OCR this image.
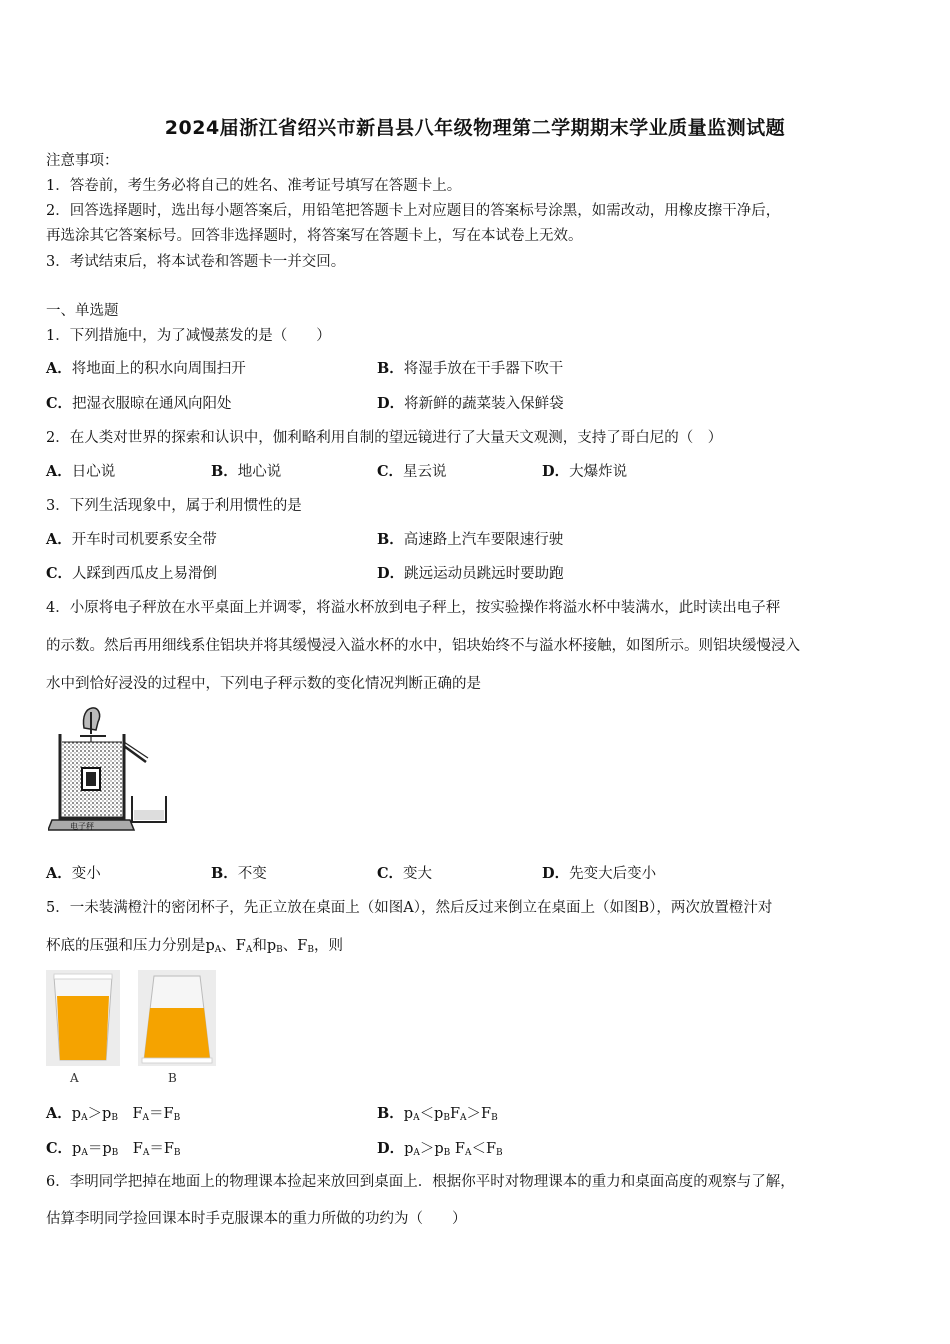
2024届浙江省绍兴市新昌县八年级物理第二学期期末学业质量监测试题
注意事项：
1．答卷前，考生务必将自己的姓名、准考证号填写在答题卡上。
2．回答选择题时，选出每小题答案后，用铅笔把答题卡上对应题目的答案标号涂黑，如需改动，用橡皮擦干净后，
再选涂其它答案标号。回答非选择题时，将答案写在答题卡上，写在本试卷上无效。
3．考试结束后，将本试卷和答题卡一并交回。
一、单选题
1．下列措施中，为了减慢蒸发的是（　　）
A．将地面上的积水向周围扫开	B．将湿手放在干手器下吹干
C．把湿衣服晾在通风向阳处	D．将新鲜的蔬菜装入保鲜袋
2．在人类对世界的探索和认识中，伽利略利用自制的望远镜进行了大量天文观测，支持了哥白尼的（　）
A．日心说	B．地心说	C．星云说	D．大爆炸说
3．下列生活现象中，属于利用惯性的是
A．开车时司机要系安全带	B．高速路上汽车要限速行驶
C．人踩到西瓜皮上易滑倒	D．跳远运动员跳远时要助跑
4．小原将电子秤放在水平桌面上并调零，将溢水杯放到电子秤上，按实验操作将溢水杯中装满水，此时读出电子秤
的示数。然后再用细线系住铝块并将其缓慢浸入溢水杯的水中，铝块始终不与溢水杯接触，如图所示。则铝块缓慢浸入
水中到恰好浸没的过程中，下列电子秤示数的变化情况判断正确的是
电子秤
A．变小	B．不变	C．变大	D．先变大后变小
5．一未装满橙汁的密闭杯子，先正立放在桌面上（如图A），然后反过来倒立在桌面上（如图B），两次放置橙汁对
杯底的压强和压力分别是$p_A$、$F_A$和$p_B$、$F_B$，则
A	B
A．$p_A>p_B$　$F_A=F_B$	B．$p_A<p_BF_A>F_B$
C．$p_A=p_B$　$F_A=F_B$	D．$p_A>p_B$ $F_A<F_B$
6．李明同学把掉在地面上的物理课本捡起来放回到桌面上．根据你平时对物理课本的重力和桌面高度的观察与了解，
估算李明同学捡回课本时手克服课本的重力所做的功约为（　　）
